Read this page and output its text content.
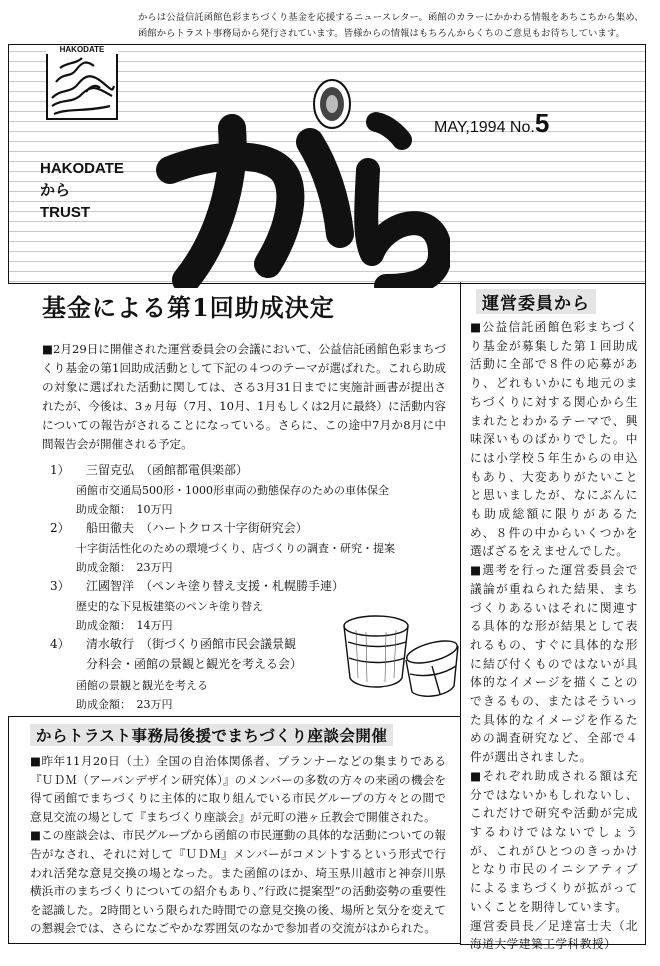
からは公益信託函館色彩まちづくり基金を応援するニュースレター。函館のカラーにかかわる情報をあちこちから集め、函館からトラスト事務局から発行されています。皆様からの情報はもちろんからくちのご意見もお待ちしています。
HAKODATE
HAKODATE
から
TRUST
MAY,1994 No.5
基金による第1回助成決定
■2月29日に開催された運営委員会の会議において、公益信託函館色彩まちづくり基金の第1回助成活動として下記の４つのテーマが選ばれた。これら助成の対象に選ばれた活動に関しては、さる3月31日までに実施計画書が提出されたが、今後は、3ヵ月毎（7月、10月、1月もしくは2月に最終）に活動内容についての報告がされることになっている。さらに、この途中7月か8月に中間報告会が開催される予定。
1）	三留克弘　（函館都電倶楽部）
函館市交通局500形・1000形車両の動態保存のための車体保全
助成金額：　10万円
2）	船田徹夫　（ハートクロス十字街研究会）
十字街活性化のための環境づくり、店づくりの調査・研究・提案
助成金額：　23万円
3）	江國智洋　（ペンキ塗り替え支援・札幌勝手連）
歴史的な下見板建築のペンキ塗り替え
助成金額：　14万円
4）	清水敏行　（街づくり函館市民会議景観
分科会・函館の景観と観光を考える会）
函館の景観と観光を考える
助成金額：　23万円
運営委員から
■公益信託函館色彩まちづくり基金が募集した第１回助成活動に全部で８件の応募があり、どれもいかにも地元のまちづくりに対する関心から生まれたとわかるテーマで、興味深いものばかりでした。中には小学校５年生からの申込もあり、大変ありがたいことと思いましたが、なにぶんにも助成総額に限りがあるため、８件の中からいくつかを選ばざるをえませんでした。
■選考を行った運営委員会で議論が重ねられた結果、まちづくりあるいはそれに関連する具体的な形が結果として表れるもの、すぐに具体的な形に結び付くものではないが具体的なイメージを描くことのできるもの、またはそういった具体的なイメージを作るための調査研究など、全部で４件が選出されました。
■それぞれ助成される額は充分ではないかもしれないし、これだけで研究や活動が完成するわけではないでしょうが、これがひとつのきっかけとなり市民のイニシアティブによるまちづくりが拡がっていくことを期待しています。
運営委員長／足達富士夫（北海道大学建築工学科教授）
からトラスト事務局後援でまちづくり座談会開催
■昨年11月20日（土）全国の自治体関係者、プランナーなどの集まりである『ＵＤＭ（アーバンデザイン研究体）』のメンバーの多数の方々の来函の機会を得て函館でまちづくりに主体的に取り組んでいる市民グループの方々との間で意見交流の場として『まちづくり座談会』が元町の港ヶ丘教会で開催された。
■この座談会は、市民グループから函館の市民運動の具体的な活動についての報告がなされ、それに対して『ＵＤＭ』メンバーがコメントするという形式で行われ活発な意見交換の場となった。また函館のほか、埼玉県川越市と神奈川県横浜市のまちづくりについての紹介もあり、”行政に提案型”の活動姿勢の重要性を認識した。2時間という限られた時間での意見交換の後、場所と気分を変えての懇親会では、さらになごやかな雰囲気のなかで参加者の交流がはかられた。
